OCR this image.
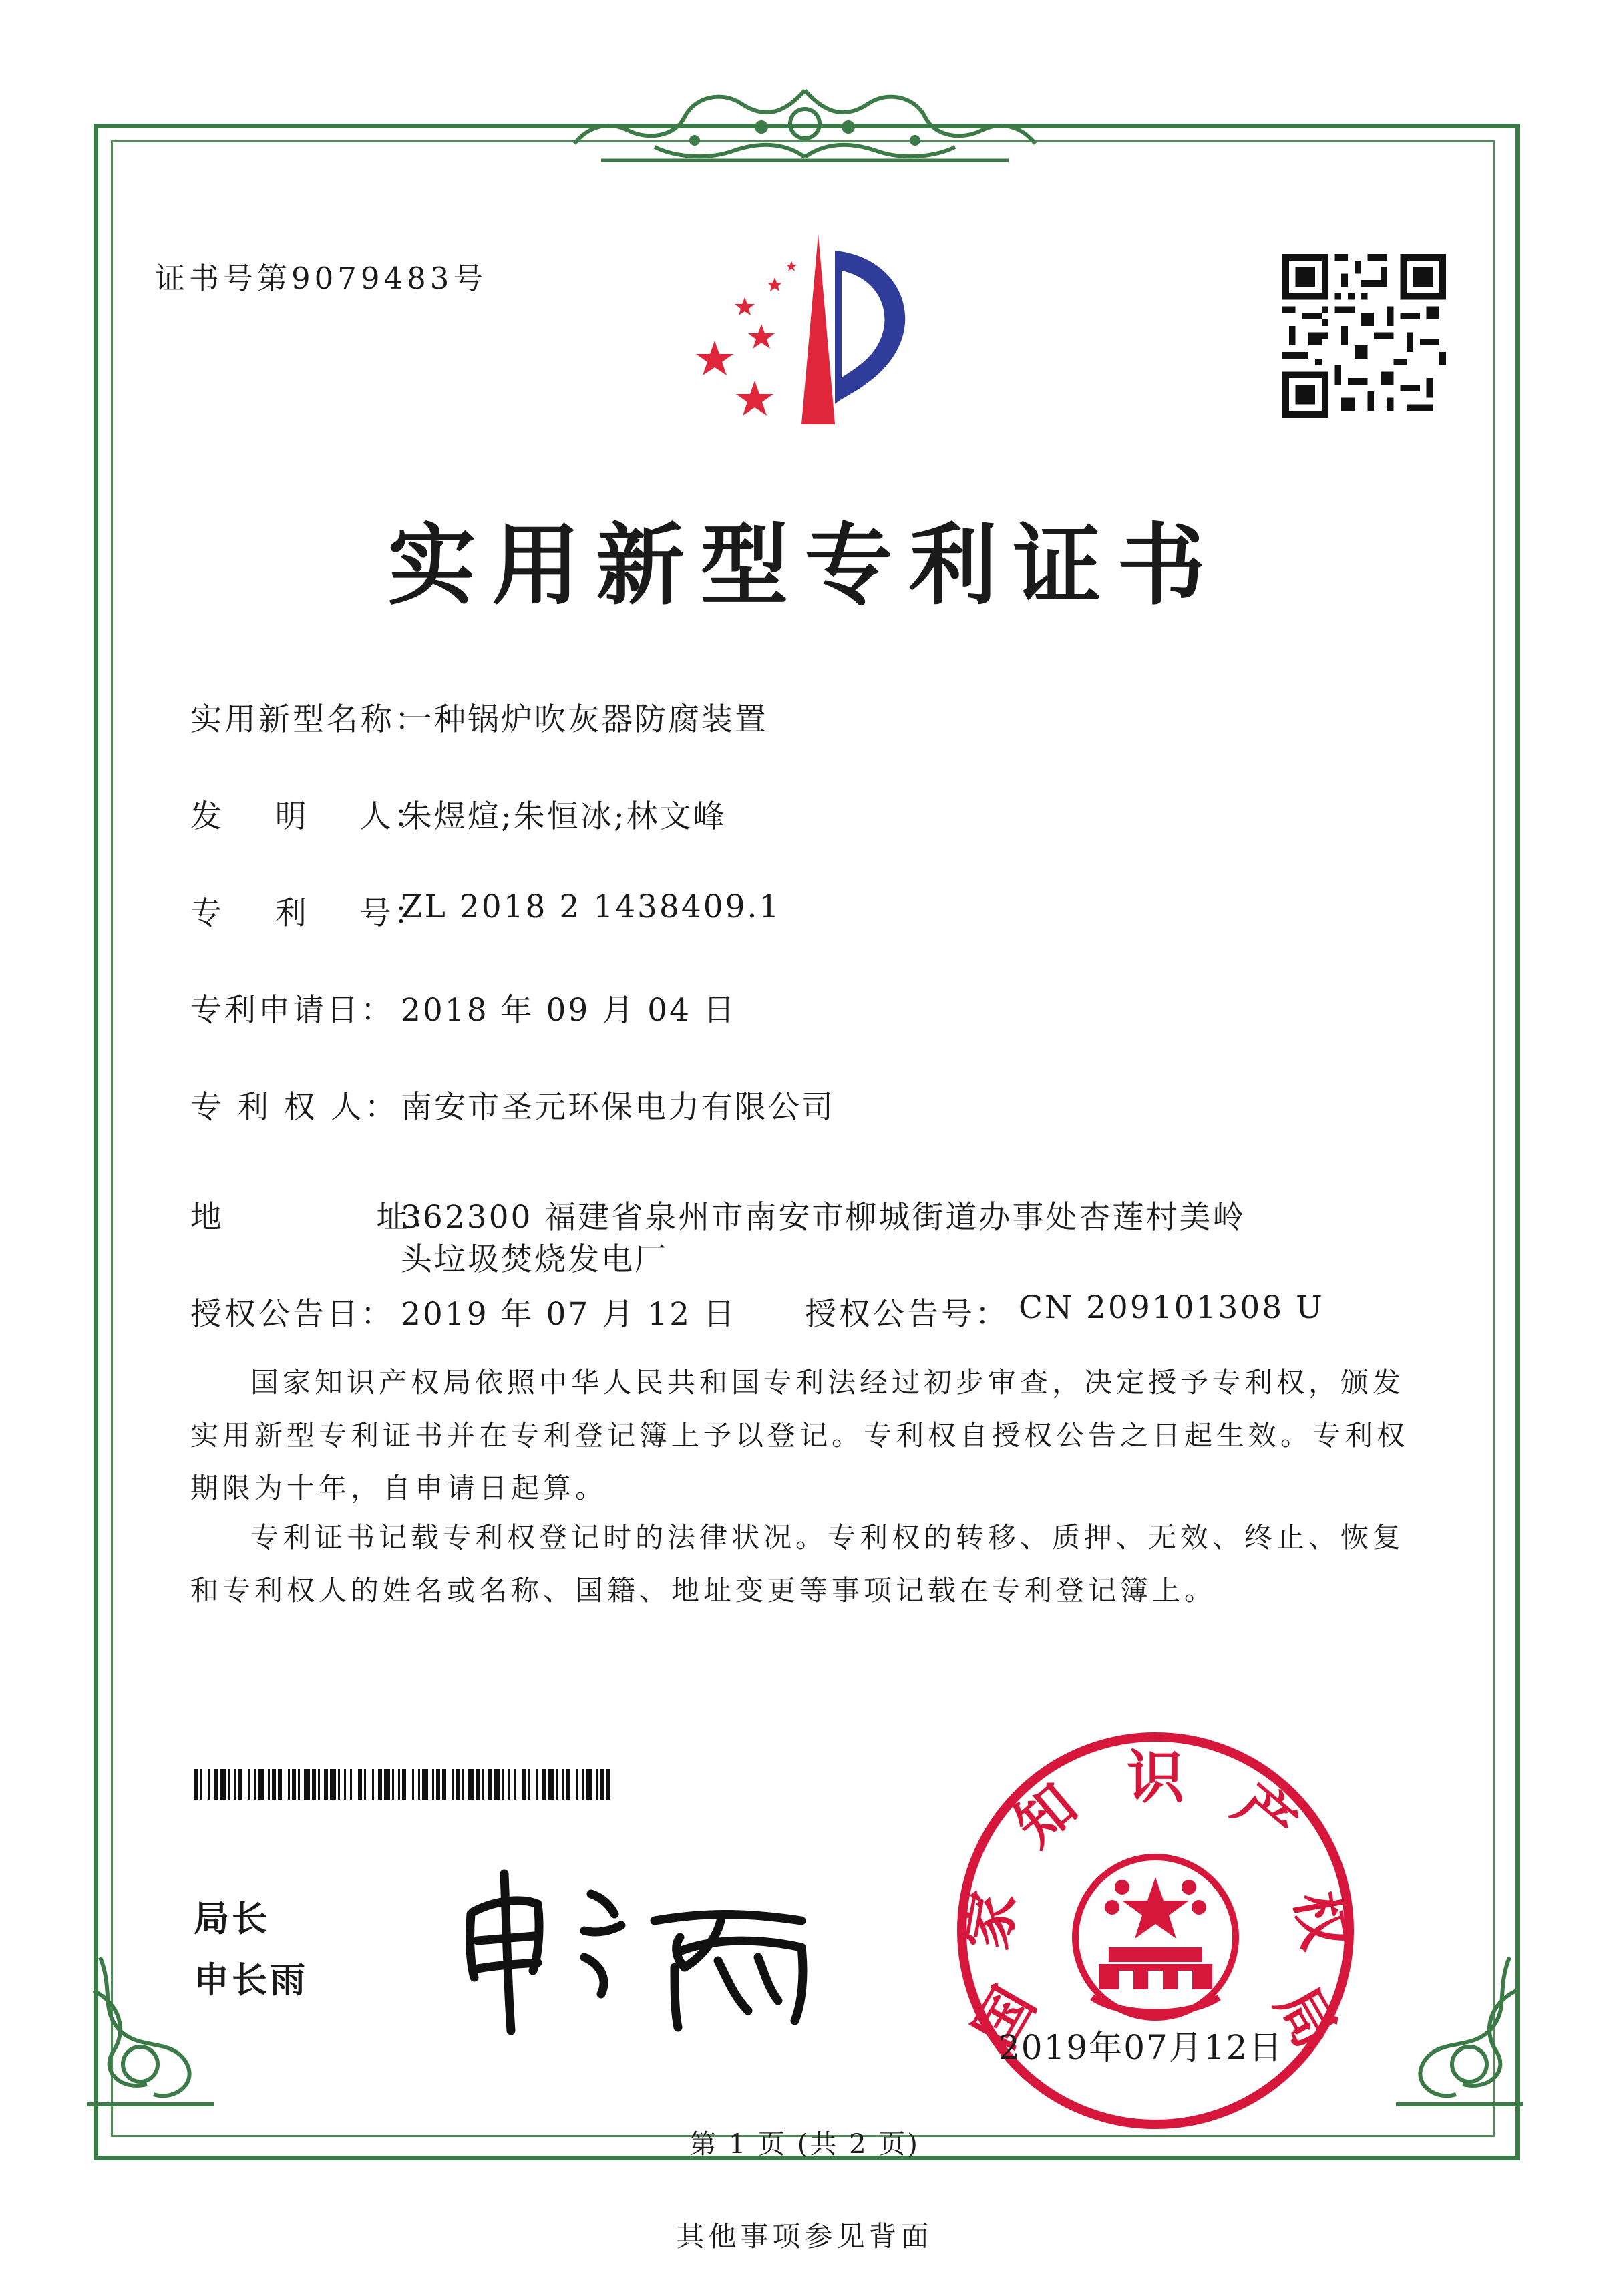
证书号第9079483号
实用新型专利证书
实用新型名称：
一种锅炉吹灰器防腐装置
发    明    人：
朱煜煊;朱恒冰;林文峰
专    利    号：
ZL 2018 2 1438409.1
专利申请日： 2018 年 09 月 04 日
专 利 权 人： 南安市圣元环保电力有限公司
地            址：
362300 福建省泉州市南安市柳城街道办事处杏莲村美岭
头垃圾焚烧发电厂
授权公告日： 2019 年 07 月 12 日 授权公告号： CN 209101308 U
国家知识产权局依照中华人民共和国专利法经过初步审查，决定授予专利权，颁发实用新型专利证书并在专利登记簿上予以登记。专利权自授权公告之日起生效。专利权期限为十年，自申请日起算。
专利证书记载专利权登记时的法律状况。专利权的转移、质押、无效、终止、恢复和专利权人的姓名或名称、国籍、地址变更等事项记载在专利登记簿上。
局长
申长雨	国
家
知 识 产
权
局
2019年07月12日
第 1 页 (共 2 页)
其他事项参见背面
